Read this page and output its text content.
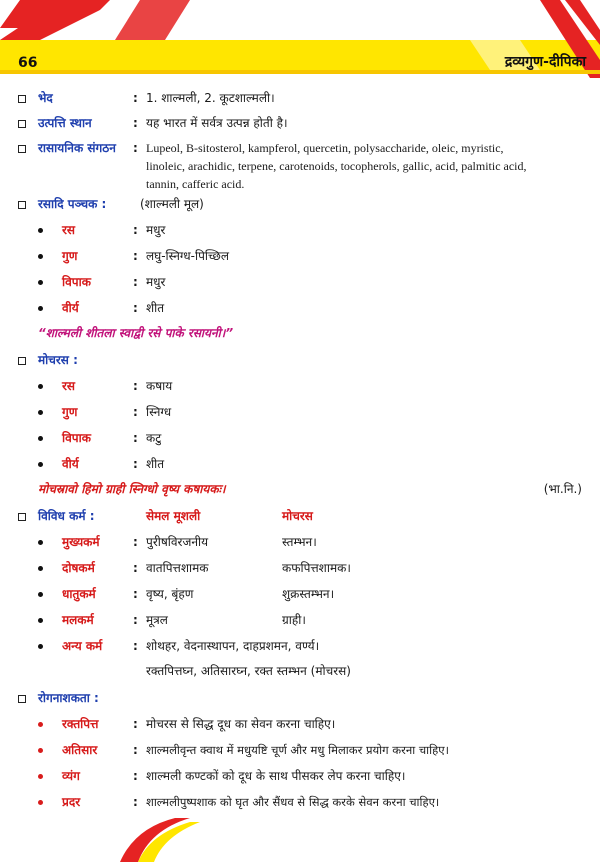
66	द्रव्यगुण-दीपिका
भेद	: 1. शाल्मली, 2. कूटशाल्मली।
उत्पत्ति स्थान	: यह भारत में सर्वत्र उत्पन्न होती है।
रासायनिक संगठन : Lupeol, B-sitosterol, kampferol, quercetin, polysaccharide, oleic, myristic,
linoleic, arachidic, terpene, carotenoids, tocopherols, gallic, acid, palmitic acid,
tannin, cafferic acid.
रसादि पञ्चक :	(शाल्मली मूल)
रस	: मधुर
गुण	: लघु-स्निग्ध-पिच्छिल
विपाक	: मधुर
वीर्य	: शीत
“शाल्मली शीतला स्वाद्वी रसे पाके रसायनी।”
मोचरस :
रस	: कषाय
गुण	: स्निग्ध
विपाक	: कटु
वीर्य	: शीत
मोचस्रावो हिमो ग्राही स्निग्धो वृष्य कषायकः।	(भा.नि.)
विविध कर्म :	सेमल मूशली	मोचरस
मुख्यकर्म	: पुरीषविरजनीय	स्तम्भन।
दोषकर्म	: वातपित्तशामक	कफपित्तशामक।
धातुकर्म	: वृष्य, बृंहण	शुक्रस्तम्भन।
मलकर्म	: मूत्रल	ग्राही।
अन्य कर्म	: शोथहर, वेदनास्थापन, दाहप्रशमन, वर्ण्य।
रक्तपित्तघ्न, अतिसारघ्न, रक्त स्तम्भन (मोचरस)
रोगनाशकता :
रक्तपित्त	: मोचरस से सिद्ध दूध का सेवन करना चाहिए।
अतिसार	: शाल्मलीवृन्त क्वाथ में मधुयष्टि चूर्ण और मधु मिलाकर प्रयोग करना चाहिए।
व्यंग	: शाल्मली कण्टकों को दूध के साथ पीसकर लेप करना चाहिए।
प्रदर	: शाल्मलीपुष्पशाक को घृत और सैंधव से सिद्ध करके सेवन करना चाहिए।
